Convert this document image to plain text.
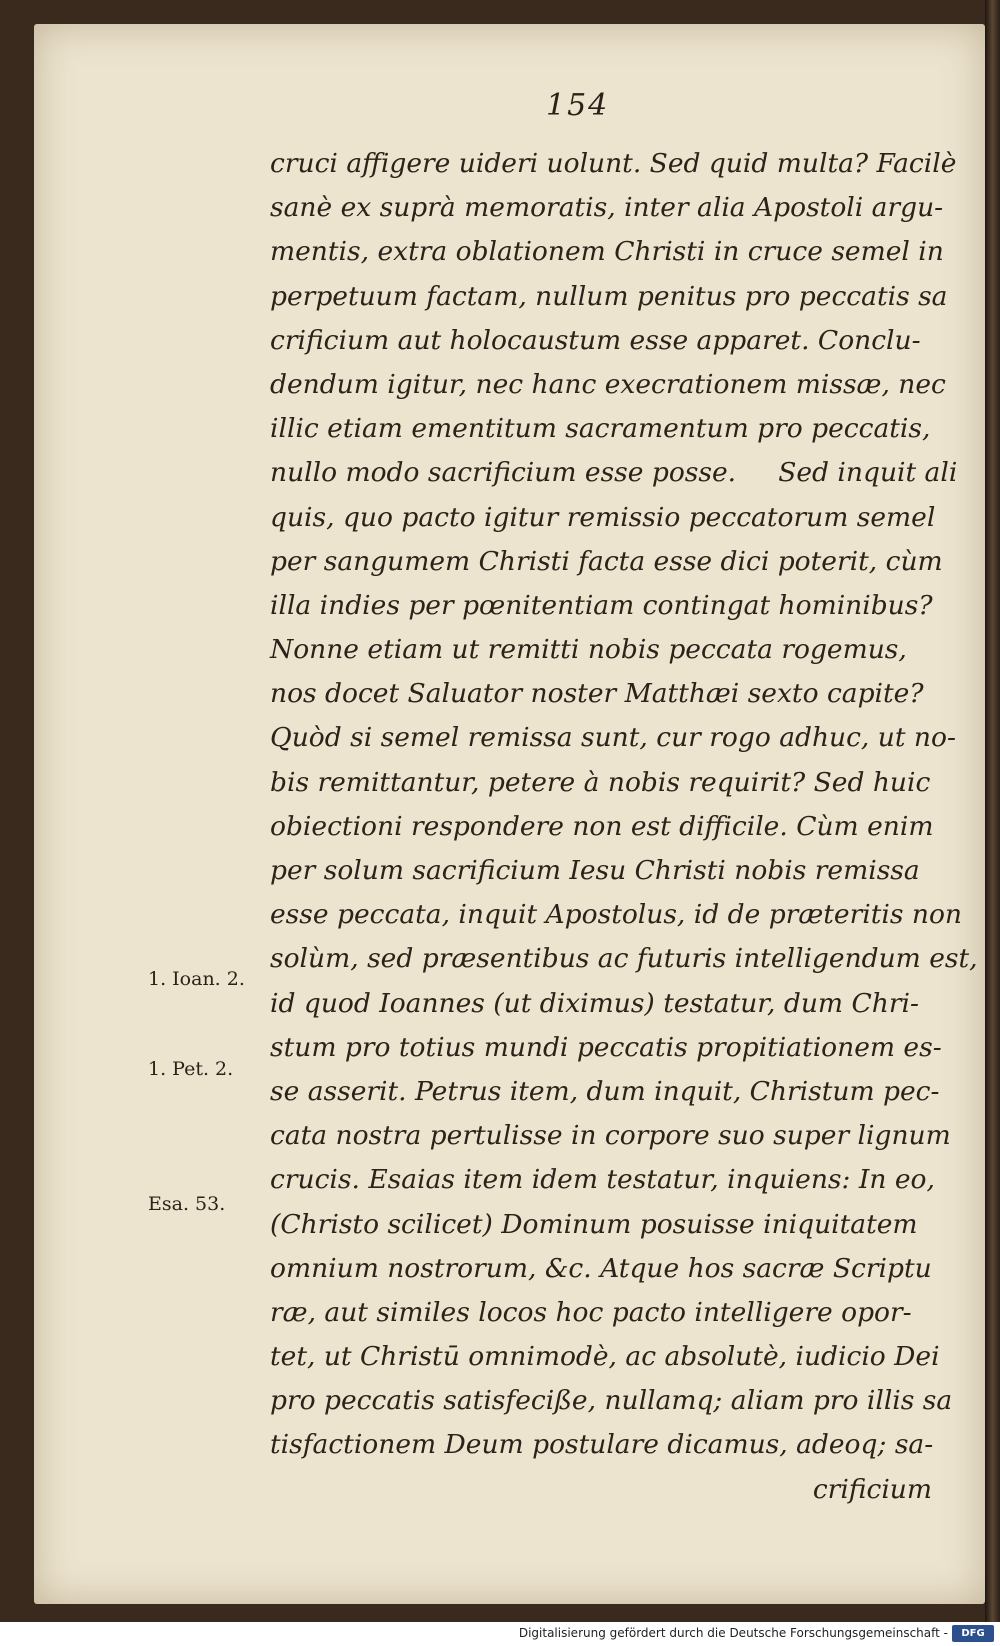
154
cruci affigere uideri uolunt. Sed quid multa? Facilè
sanè ex suprà memoratis, inter alia Apostoli argu-
mentis, extra oblationem Christi in cruce semel in
perpetuum factam, nullum penitus pro peccatis sa
crificium aut holocaustum esse apparet. Conclu-
dendum igitur, nec hanc execrationem missæ, nec
illic etiam ementitum sacramentum pro peccatis,
nullo modo sacrificium esse posse.     Sed inquit ali
quis, quo pacto igitur remissio peccatorum semel
per sangumem Christi facta esse dici poterit, cùm
illa indies per pœnitentiam contingat hominibus?
Nonne etiam ut remitti nobis peccata rogemus,
nos docet Saluator noster Matthæi sexto capite?
Quòd si semel remissa sunt, cur rogo adhuc, ut no-
bis remittantur, petere à nobis requirit? Sed huic
obiectioni respondere non est difficile. Cùm enim
per solum sacrificium Iesu Christi nobis remissa
esse peccata, inquit Apostolus, id de præteritis non
solùm, sed præsentibus ac futuris intelligendum est,
id quod Ioannes (ut diximus) testatur, dum Chri-
stum pro totius mundi peccatis propitiationem es-
se asserit. Petrus item, dum inquit, Christum pec-
cata nostra pertulisse in corpore suo super lignum
crucis. Esaias item idem testatur, inquiens: In eo,
(Christo scilicet) Dominum posuisse iniquitatem
omnium nostrorum, &c. Atque hos sacræ Scriptu
ræ, aut similes locos hoc pacto intelligere opor-
tet, ut Christū omnimodè, ac absolutè, iudicio Dei
pro peccatis satisfeciße, nullamq; aliam pro illis sa
tisfactionem Deum postulare dicamus, adeoq; sa-
crificium
1. Ioan. 2.
1. Pet. 2.
Esa. 53.
Digitalisierung gefördert durch die Deutsche Forschungsgemeinschaft -	DFG
